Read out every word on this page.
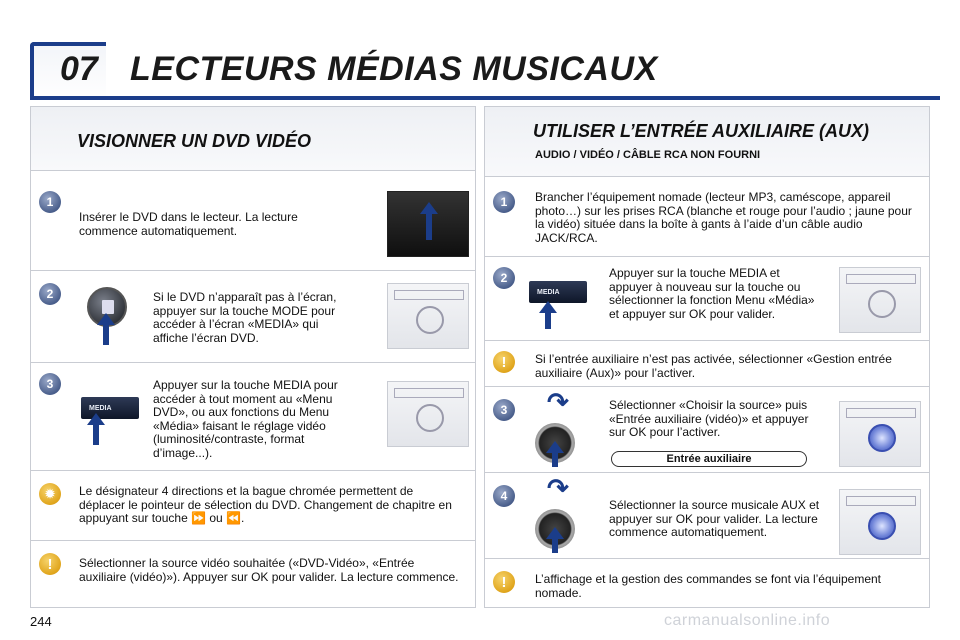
07 LECTEURS MÉDIAS MUSICAUX
VISIONNER UN DVD VIDÉO
1
Insérer le DVD dans le lecteur. La lecture commence automatiquement.
2	Si le DVD n’apparaît pas à l’écran, appuyer sur la touche MODE pour accéder à l’écran «MEDIA» qui affiche l’écran DVD.
3
MEDIA
Appuyer sur la touche MEDIA pour accéder à tout moment au «Menu DVD», ou aux fonctions du Menu «Média» faisant le réglage vidéo (luminosité/contraste, format d’image...).
✹	Le désignateur 4 directions et la bague chromée permettent de déplacer le pointeur de sélection du DVD. Changement de chapitre en appuyant sur touche ⏩ ou ⏪.
!	Sélectionner la source vidéo souhaitée («DVD-Vidéo», «Entrée auxiliaire (vidéo)»). Appuyer sur OK pour valider. La lecture commence.
UTILISER L’ENTRÉE AUXILIAIRE (AUX)
AUDIO / VIDÉO / CÂBLE RCA NON FOURNI
1	Brancher l’équipement nomade (lecteur MP3, caméscope, appareil photo…) sur les prises RCA (blanche et rouge pour l’audio ; jaune pour la vidéo) située dans la boîte à gants à l’aide d’un câble audio JACK/RCA.
2
MEDIA
Appuyer sur la touche MEDIA et appuyer à nouveau sur la touche ou sélectionner la fonction Menu «Média» et appuyer sur OK pour valider.
!	Si l’entrée auxiliaire n’est pas activée, sélectionner «Gestion entrée auxiliaire (Aux)» pour l’activer.
3 ↷	Sélectionner «Choisir la source» puis «Entrée auxiliaire (vidéo)» et appuyer sur OK pour l’activer.
Entrée auxiliaire
4 ↷
Sélectionner la source musicale AUX et appuyer sur OK pour valider. La lecture commence automatiquement.
!	L’affichage et la gestion des commandes se font via l’équipement nomade.
244	carmanualsonline.info
